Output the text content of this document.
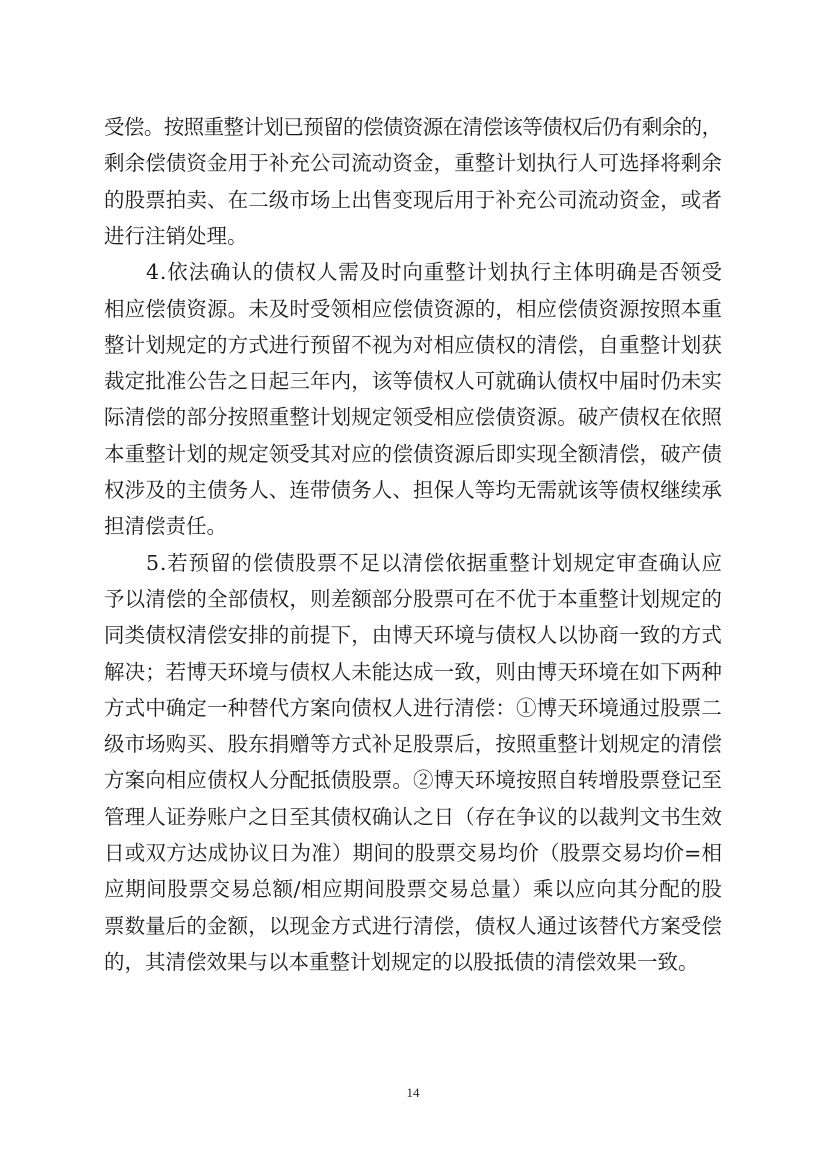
受偿。按照重整计划已预留的偿债资源在清偿该等债权后仍有剩余的，
剩余偿债资金用于补充公司流动资金，重整计划执行人可选择将剩余
的股票拍卖、在二级市场上出售变现后用于补充公司流动资金，或者
进行注销处理。
4.依法确认的债权人需及时向重整计划执行主体明确是否领受
相应偿债资源。未及时受领相应偿债资源的，相应偿债资源按照本重
整计划规定的方式进行预留不视为对相应债权的清偿，自重整计划获
裁定批准公告之日起三年内，该等债权人可就确认债权中届时仍未实
际清偿的部分按照重整计划规定领受相应偿债资源。破产债权在依照
本重整计划的规定领受其对应的偿债资源后即实现全额清偿，破产债
权涉及的主债务人、连带债务人、担保人等均无需就该等债权继续承
担清偿责任。
5.若预留的偿债股票不足以清偿依据重整计划规定审查确认应
予以清偿的全部债权，则差额部分股票可在不优于本重整计划规定的
同类债权清偿安排的前提下，由博天环境与债权人以协商一致的方式
解决；若博天环境与债权人未能达成一致，则由博天环境在如下两种
方式中确定一种替代方案向债权人进行清偿：①博天环境通过股票二
级市场购买、股东捐赠等方式补足股票后，按照重整计划规定的清偿
方案向相应债权人分配抵债股票。②博天环境按照自转增股票登记至
管理人证券账户之日至其债权确认之日（存在争议的以裁判文书生效
日或双方达成协议日为准）期间的股票交易均价（股票交易均价=相
应期间股票交易总额/相应期间股票交易总量）乘以应向其分配的股
票数量后的金额，以现金方式进行清偿，债权人通过该替代方案受偿
的，其清偿效果与以本重整计划规定的以股抵债的清偿效果一致。
14
